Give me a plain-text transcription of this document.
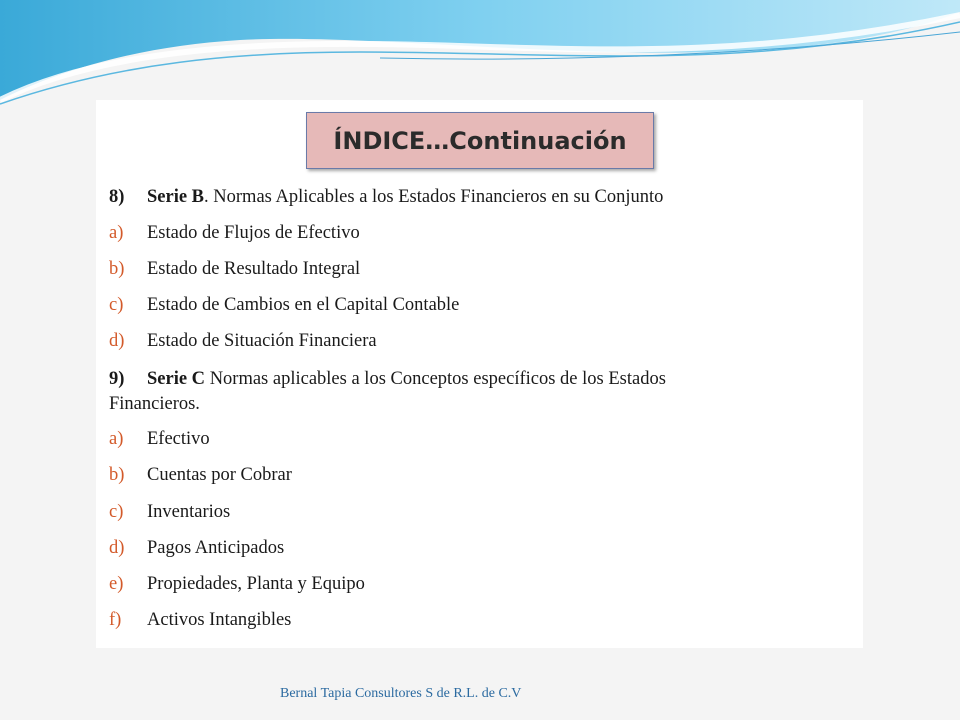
ÍNDICE…Continuación
8) Serie B. Normas Aplicables a los Estados Financieros en su Conjunto
a) Estado de Flujos de Efectivo
b) Estado de Resultado Integral
c) Estado de Cambios en el Capital Contable
d) Estado de Situación Financiera
9) Serie C Normas aplicables a los Conceptos específicos de los Estados
Financieros.
a) Efectivo
b) Cuentas por Cobrar
c) Inventarios
d) Pagos Anticipados
e) Propiedades, Planta y Equipo
f) Activos Intangibles
Bernal Tapia Consultores S de R.L. de C.V
